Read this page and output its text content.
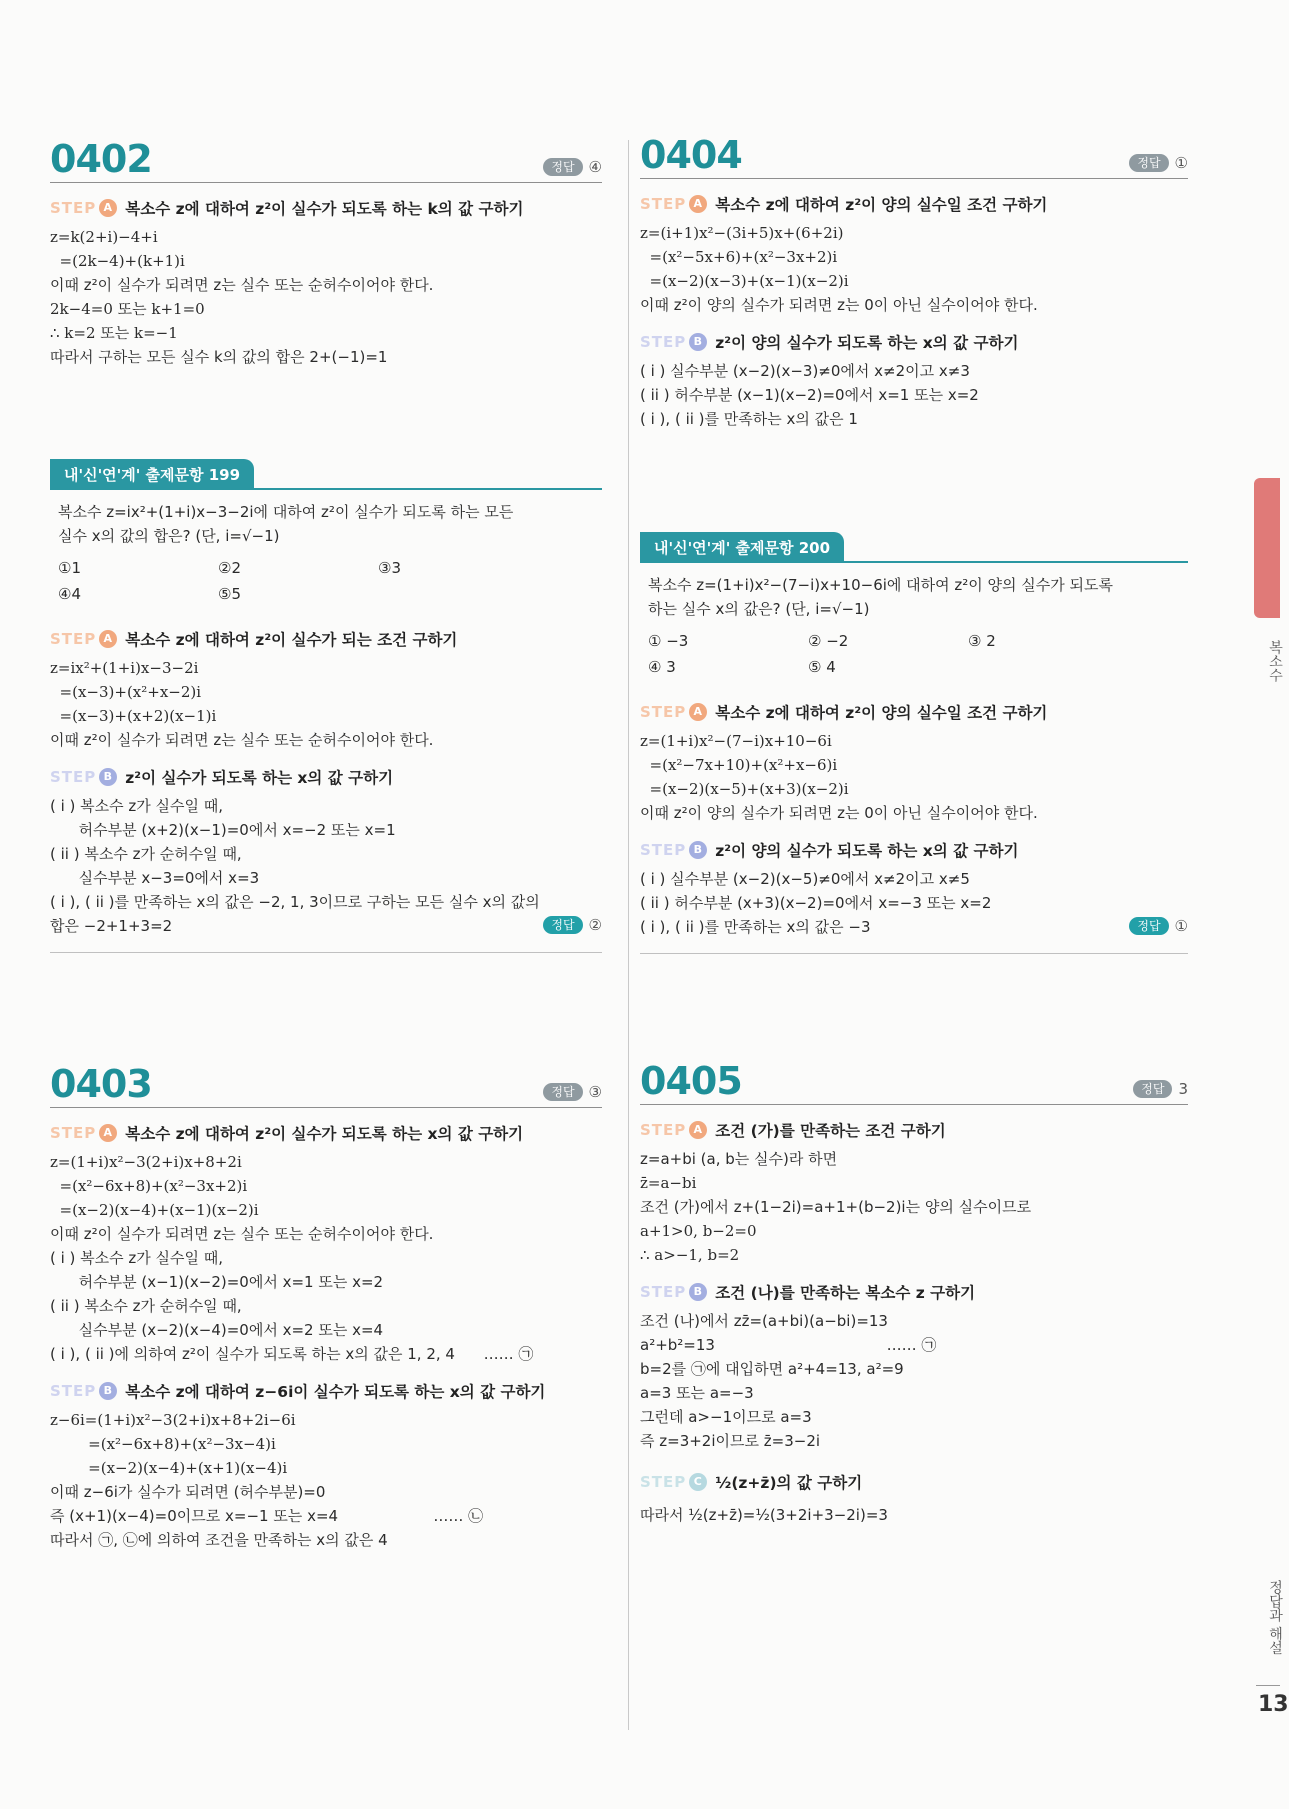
0402	정답 ④
STEP A 복소수 z에 대하여 z²이 실수가 되도록 하는 k의 값 구하기
z=k(2+i)−4+i
=(2k−4)+(k+1)i
이때 z²이 실수가 되려면 z는 실수 또는 순허수이어야 한다.
2k−4=0 또는 k+1=0
∴ k=2 또는 k=−1
따라서 구하는 모든 실수 k의 값의 합은 2+(−1)=1
내'신'연'계' 출제문항 199
복소수 z=ix²+(1+i)x−3−2i에 대하여 z²이 실수가 되도록 하는 모든
실수 x의 값의 합은? (단, i=√−1)
①1	②2	③3
④4	⑤5
STEP A 복소수 z에 대하여 z²이 실수가 되는 조건 구하기
z=ix²+(1+i)x−3−2i
=(x−3)+(x²+x−2)i
=(x−3)+(x+2)(x−1)i
이때 z²이 실수가 되려면 z는 실수 또는 순허수이어야 한다.
STEP B z²이 실수가 되도록 하는 x의 값 구하기
( i ) 복소수 z가 실수일 때,
허수부분 (x+2)(x−1)=0에서 x=−2 또는 x=1
( ii ) 복소수 z가 순허수일 때,
실수부분 x−3=0에서 x=3
( i ), ( ii )를 만족하는 x의 값은 −2, 1, 3이므로 구하는 모든 실수 x의 값의
합은 −2+1+3=2	정답 ②
0403	정답 ③
STEP A 복소수 z에 대하여 z²이 실수가 되도록 하는 x의 값 구하기
z=(1+i)x²−3(2+i)x+8+2i
=(x²−6x+8)+(x²−3x+2)i
=(x−2)(x−4)+(x−1)(x−2)i
이때 z²이 실수가 되려면 z는 실수 또는 순허수이어야 한다.
( i ) 복소수 z가 실수일 때,
허수부분 (x−1)(x−2)=0에서 x=1 또는 x=2
( ii ) 복소수 z가 순허수일 때,
실수부분 (x−2)(x−4)=0에서 x=2 또는 x=4
( i ), ( ii )에 의하여 z²이 실수가 되도록 하는 x의 값은 1, 2, 4      …… ㉠
STEP B 복소수 z에 대하여 z−6i이 실수가 되도록 하는 x의 값 구하기
z−6i=(1+i)x²−3(2+i)x+8+2i−6i
=(x²−6x+8)+(x²−3x−4)i
=(x−2)(x−4)+(x+1)(x−4)i
이때 z−6i가 실수가 되려면 (허수부분)=0
즉 (x+1)(x−4)=0이므로 x=−1 또는 x=4                    …… ㉡
따라서 ㉠, ㉡에 의하여 조건을 만족하는 x의 값은 4
0404	정답 ①
STEP A 복소수 z에 대하여 z²이 양의 실수일 조건 구하기
z=(i+1)x²−(3i+5)x+(6+2i)
=(x²−5x+6)+(x²−3x+2)i
=(x−2)(x−3)+(x−1)(x−2)i
이때 z²이 양의 실수가 되려면 z는 0이 아닌 실수이어야 한다.
STEP B z²이 양의 실수가 되도록 하는 x의 값 구하기
( i ) 실수부분 (x−2)(x−3)≠0에서 x≠2이고 x≠3
( ii ) 허수부분 (x−1)(x−2)=0에서 x=1 또는 x=2
( i ), ( ii )를 만족하는 x의 값은 1
내'신'연'계' 출제문항 200
복소수 z=(1+i)x²−(7−i)x+10−6i에 대하여 z²이 양의 실수가 되도록
하는 실수 x의 값은? (단, i=√−1)
① −3	② −2	③ 2
④ 3	⑤ 4
STEP A 복소수 z에 대하여 z²이 양의 실수일 조건 구하기
z=(1+i)x²−(7−i)x+10−6i
=(x²−7x+10)+(x²+x−6)i
=(x−2)(x−5)+(x+3)(x−2)i
이때 z²이 양의 실수가 되려면 z는 0이 아닌 실수이어야 한다.
STEP B z²이 양의 실수가 되도록 하는 x의 값 구하기
( i ) 실수부분 (x−2)(x−5)≠0에서 x≠2이고 x≠5
( ii ) 허수부분 (x+3)(x−2)=0에서 x=−3 또는 x=2
( i ), ( ii )를 만족하는 x의 값은 −3	정답 ①
0405	정답 3
STEP A 조건 (가)를 만족하는 조건 구하기
z=a+bi (a, b는 실수)라 하면
z̄=a−bi
조건 (가)에서 z+(1−2i)=a+1+(b−2)i는 양의 실수이므로
a+1>0, b−2=0
∴ a>−1, b=2
STEP B 조건 (나)를 만족하는 복소수 z 구하기
조건 (나)에서 zz̄=(a+bi)(a−bi)=13
a²+b²=13                                    …… ㉠
b=2를 ㉠에 대입하면 a²+4=13, a²=9
a=3 또는 a=−3
그런데 a>−1이므로 a=3
즉 z=3+2i이므로 z̄=3−2i
STEP C ½(z+z̄)의 값 구하기
따라서 ½(z+z̄)=½(3+2i+3−2i)=3
복소수
정답과 해설
13
